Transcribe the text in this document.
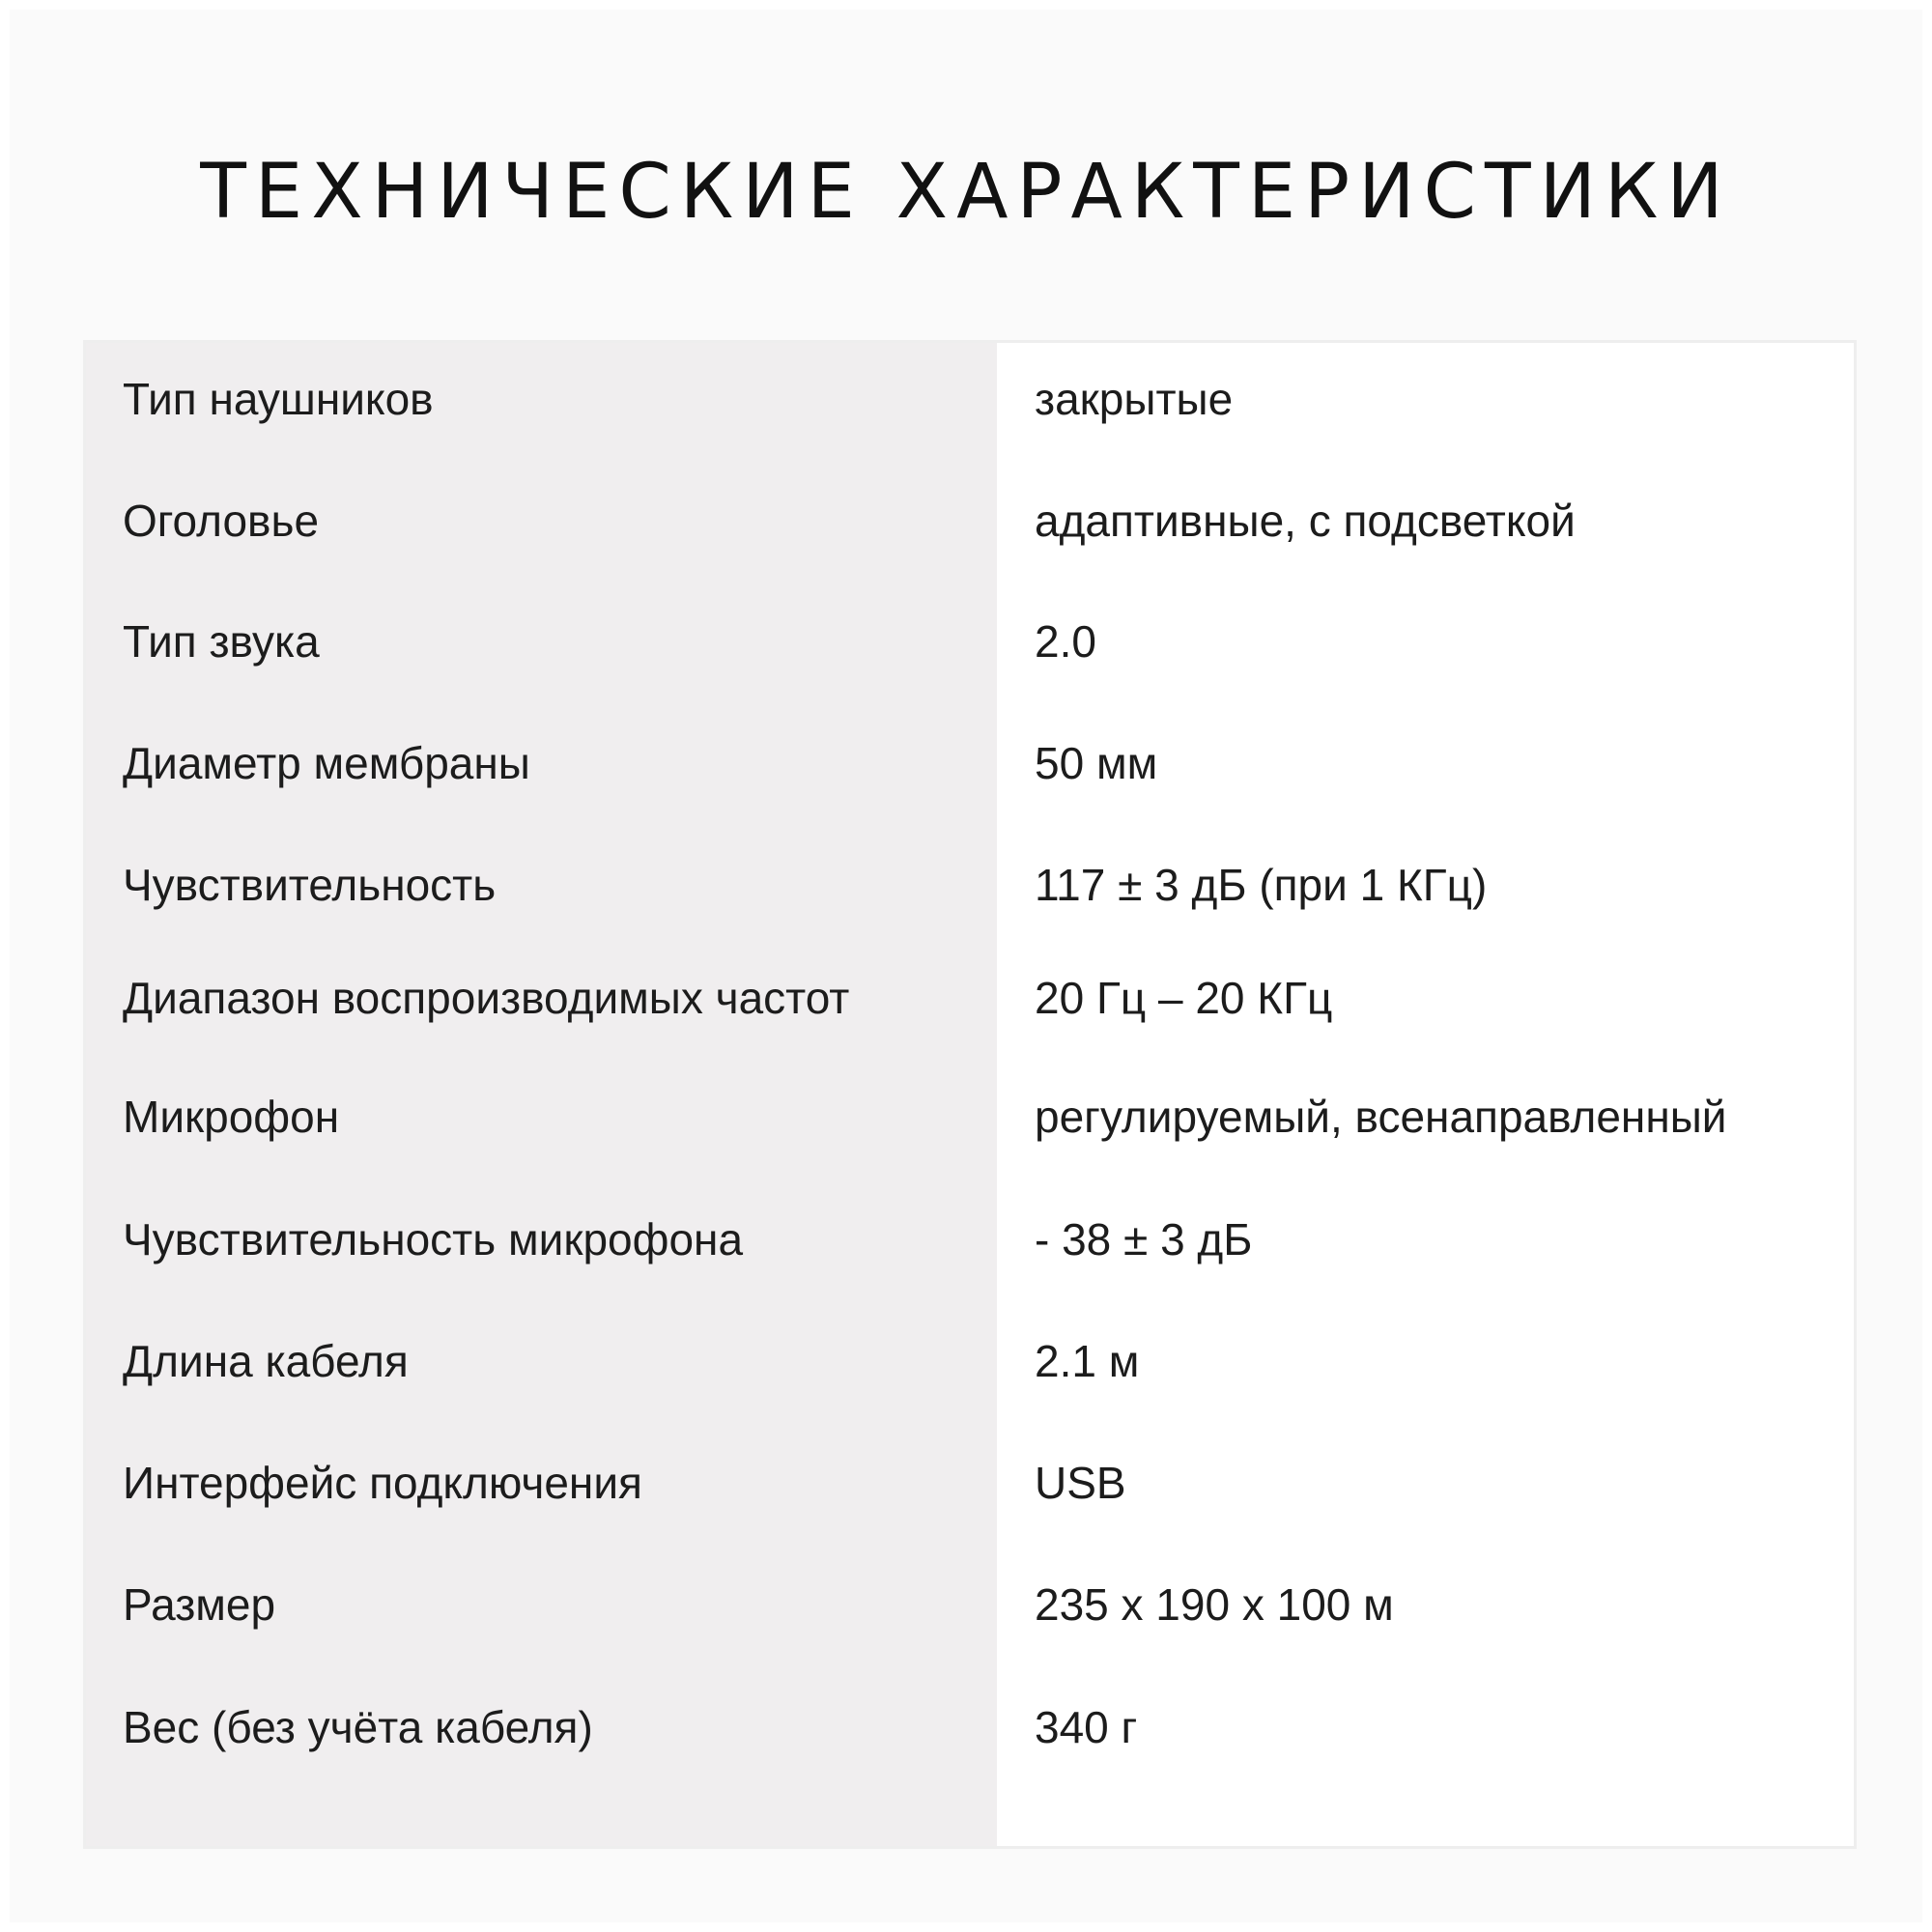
ТЕХНИЧЕСКИЕ ХАРАКТЕРИСТИКИ
Тип наушников	закрытые
Оголовье	адаптивные, с подсветкой
Тип звука	2.0
Диаметр мембраны	50 мм
Чувствительность	117 ± 3 дБ (при 1 КГц)
Диапазон воспроизводимых частот	20 Гц – 20 КГц
Микрофон	регулируемый, всенаправленный
Чувствительность микрофона	- 38 ± 3 дБ
Длина кабеля	2.1 м
Интерфейс подключения	USB
Размер	235 x 190 x 100 м
Вес (без учёта кабеля)	340 г
